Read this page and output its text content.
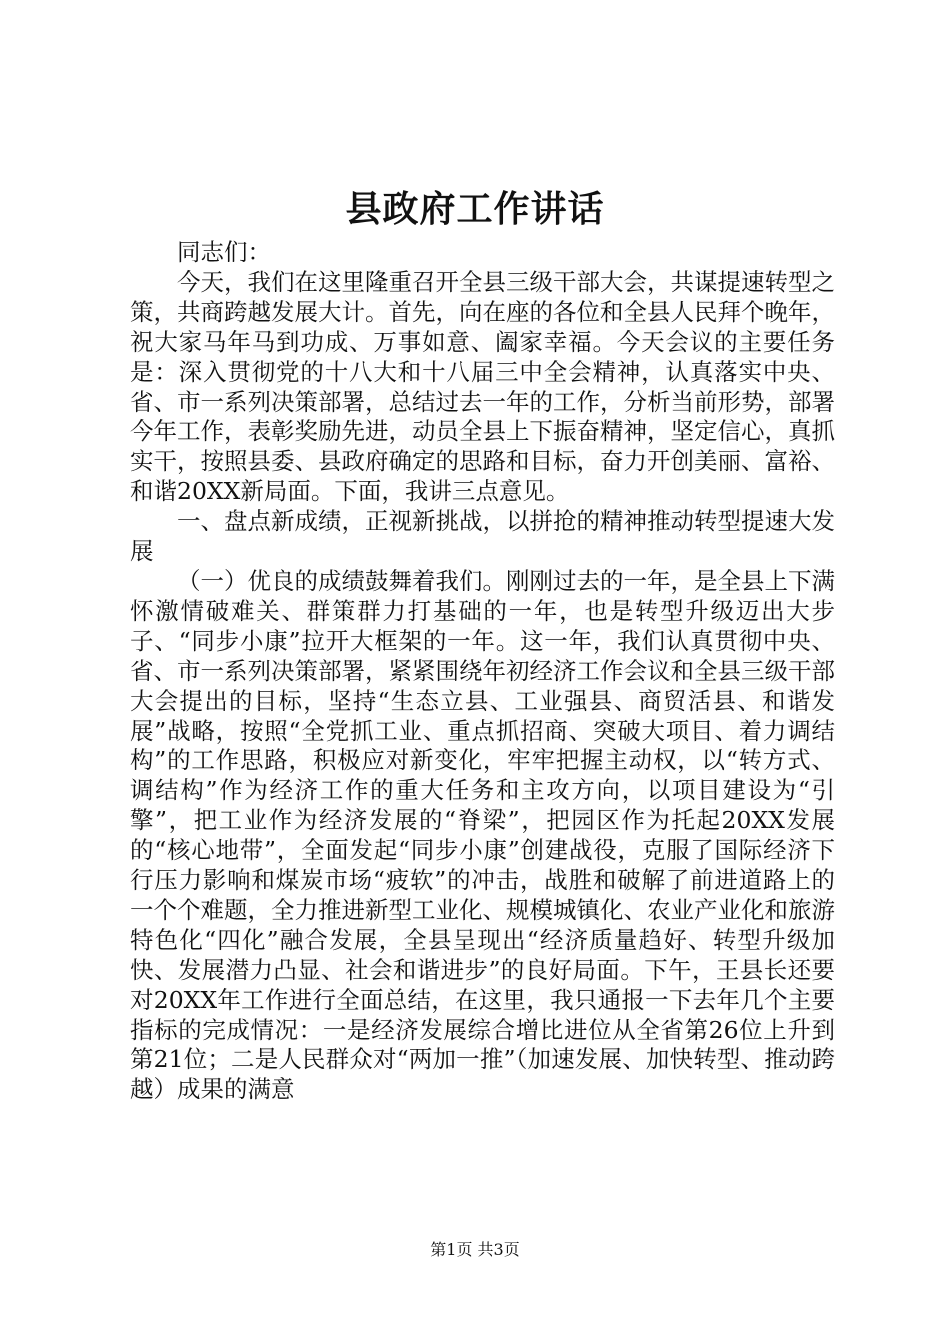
县政府工作讲话

同志们：

今天，我们在这里隆重召开全县三级干部大会，共谋提速转型之策，共商跨越发展大计。首先，向在座的各位和全县人民拜个晚年，祝大家马年马到功成、万事如意、阖家幸福。今天会议的主要任务是：深入贯彻党的十八大和十八届三中全会精神，认真落实中央、省、市一系列决策部署，总结过去一年的工作，分析当前形势，部署今年工作，表彰奖励先进，动员全县上下振奋精神，坚定信心，真抓实干，按照县委、县政府确定的思路和目标，奋力开创美丽、富裕、和谐20XX新局面。下面，我讲三点意见。

一、盘点新成绩，正视新挑战，以拼抢的精神推动转型提速大发展

（一）优良的成绩鼓舞着我们。刚刚过去的一年，是全县上下满怀激情破难关、群策群力打基础的一年，也是转型升级迈出大步子、“同步小康”拉开大框架的一年。这一年，我们认真贯彻中央、省、市一系列决策部署，紧紧围绕年初经济工作会议和全县三级干部大会提出的目标，坚持“生态立县、工业强县、商贸活县、和谐发展”战略，按照“全党抓工业、重点抓招商、突破大项目、着力调结构”的工作思路，积极应对新变化，牢牢把握主动权，以“转方式、调结构”作为经济工作的重大任务和主攻方向，以项目建设为“引擎”，把工业作为经济发展的“脊梁”，把园区作为托起20XX发展的“核心地带”，全面发起“同步小康”创建战役，克服了国际经济下行压力影响和煤炭市场“疲软”的冲击，战胜和破解了前进道路上的一个个难题，全力推进新型工业化、规模城镇化、农业产业化和旅游特色化“四化”融合发展，全县呈现出“经济质量趋好、转型升级加快、发展潜力凸显、社会和谐进步”的良好局面。下午，王县长还要对20XX年工作进行全面总结，在这里，我只通报一下去年几个主要指标的完成情况：一是经济发展综合增比进位从全省第26位上升到第21位；二是人民群众对“两加一推”（加速发展、加快转型、推动跨越）成果的满意

第1页 共3页
